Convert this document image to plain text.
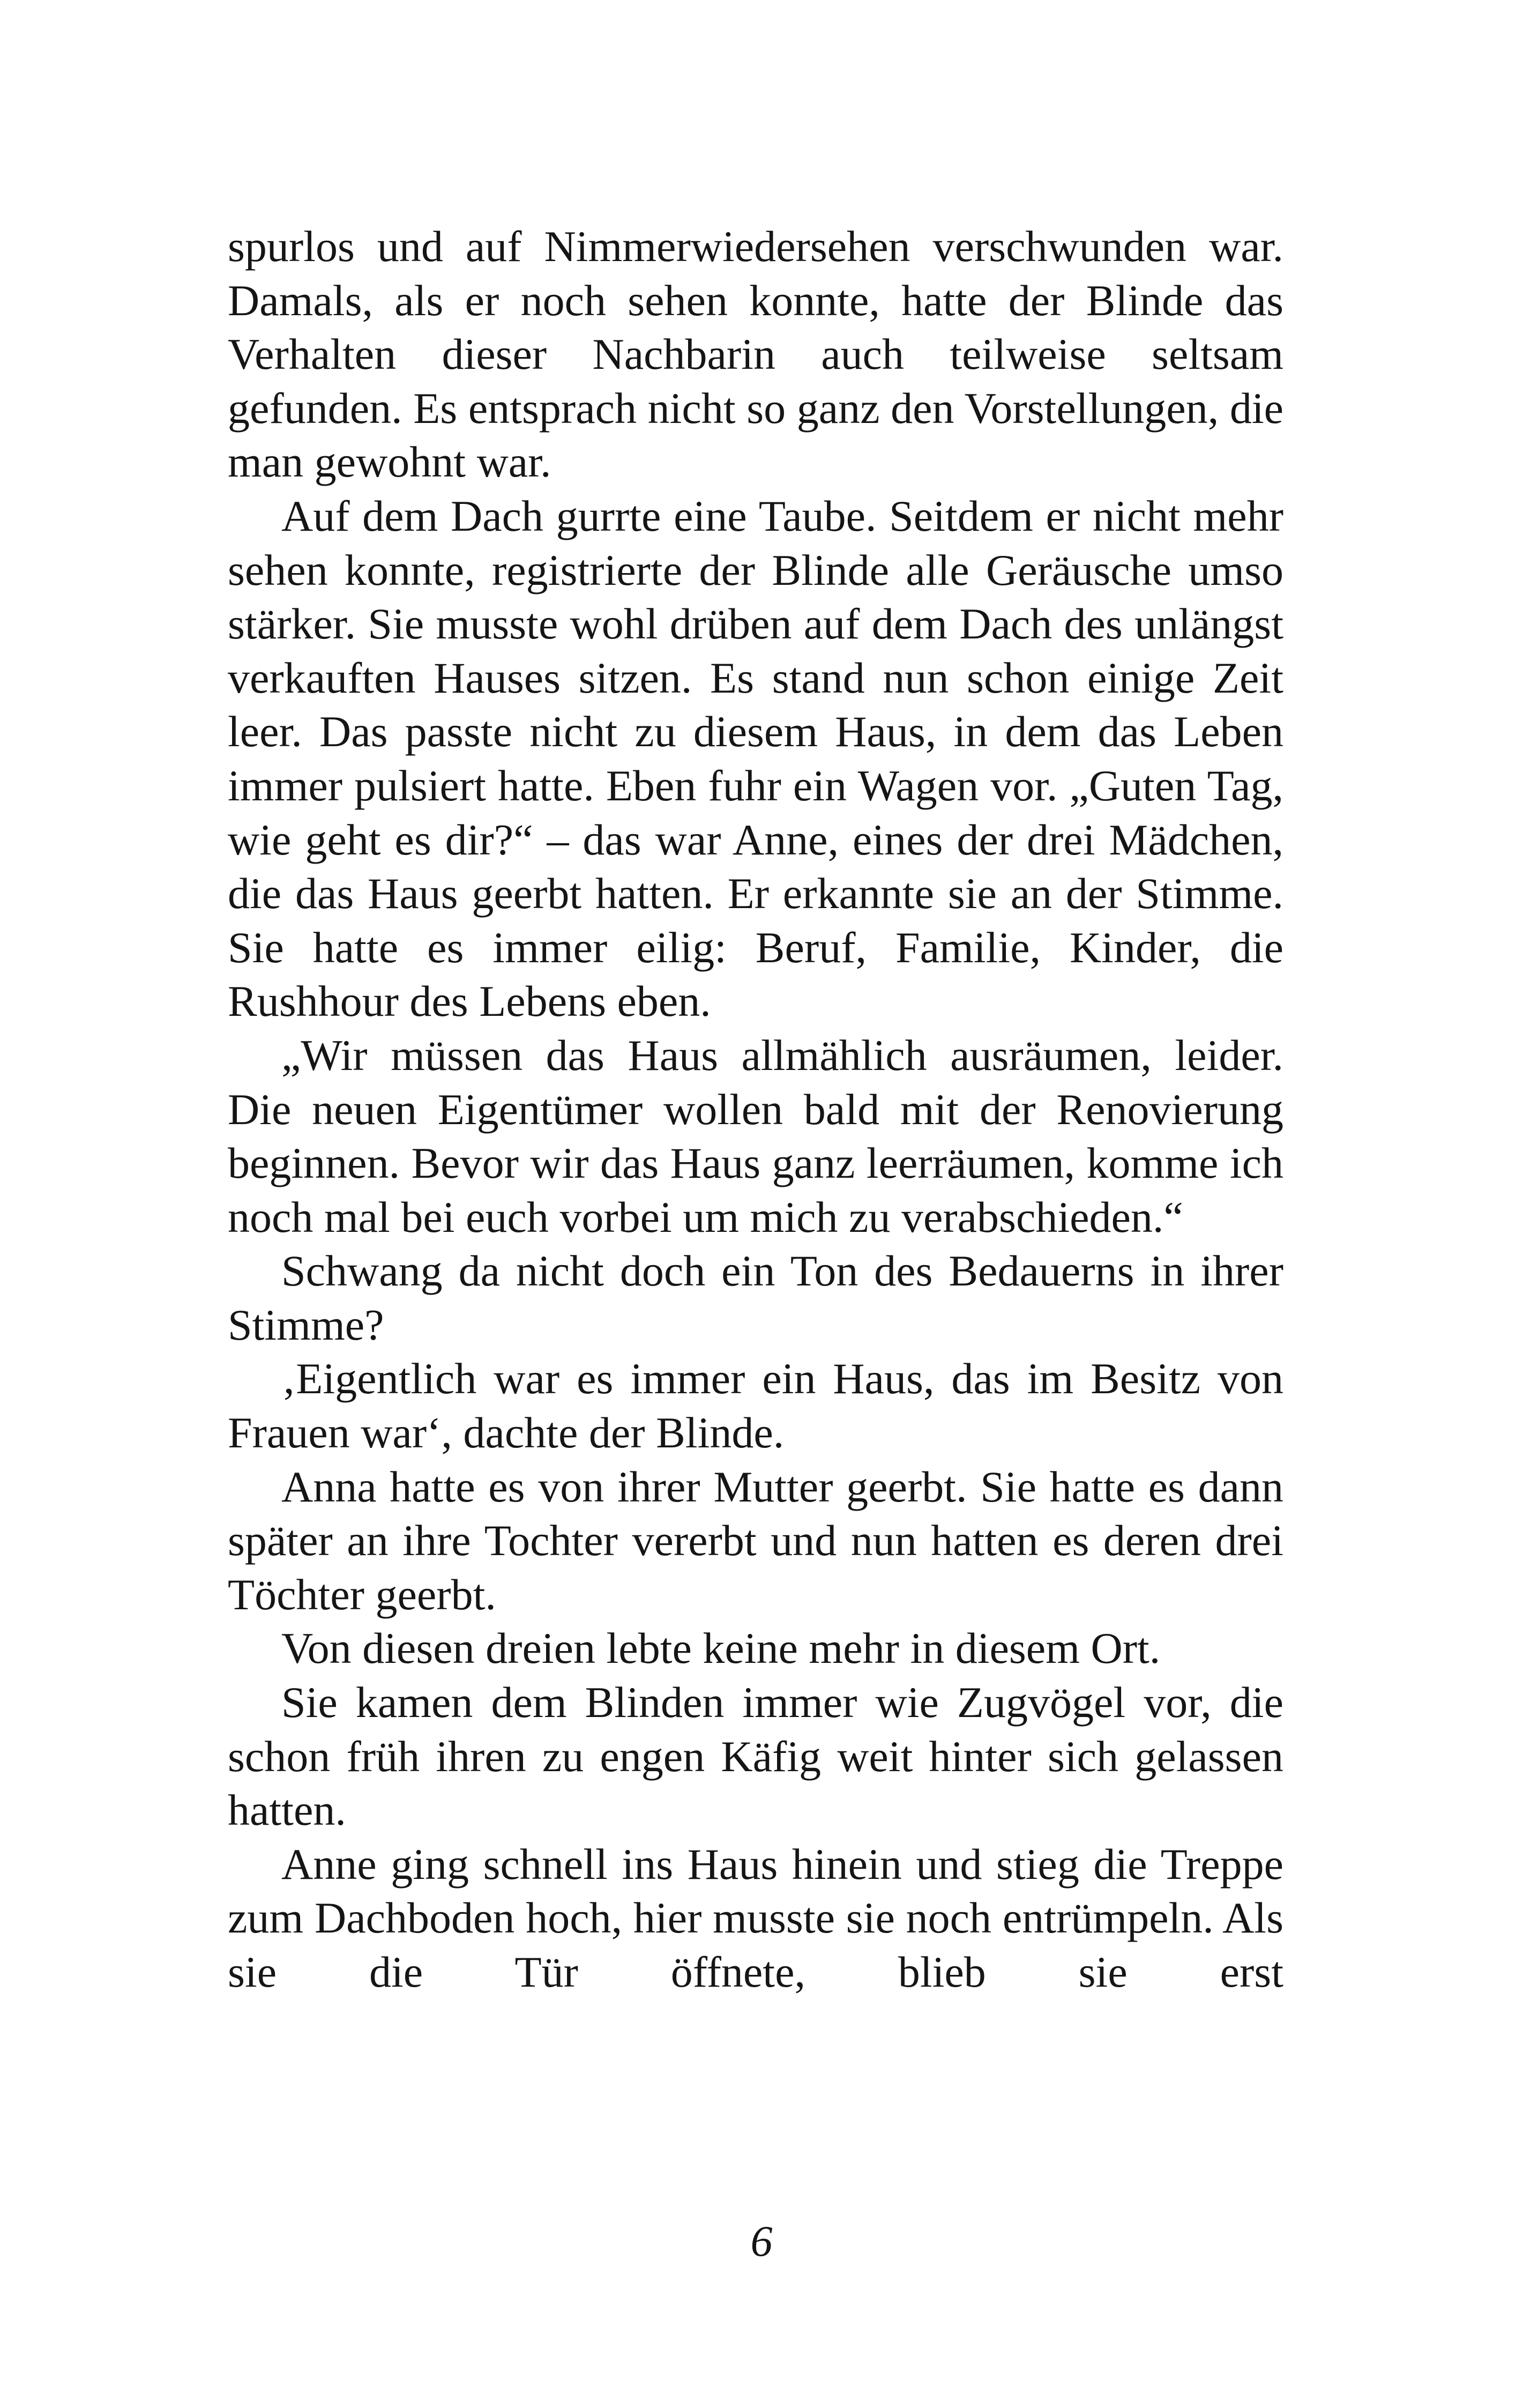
spurlos und auf Nimmerwiedersehen verschwunden war. Damals, als er noch sehen konnte, hatte der Blinde das Verhalten dieser Nachbarin auch teilweise seltsam gefunden. Es entsprach nicht so ganz den Vorstellungen, die man gewohnt war.

Auf dem Dach gurrte eine Taube. Seitdem er nicht mehr sehen konnte, registrierte der Blinde alle Geräusche umso stärker. Sie musste wohl drüben auf dem Dach des unlängst verkauften Hauses sitzen. Es stand nun schon einige Zeit leer. Das passte nicht zu diesem Haus, in dem das Leben immer pulsiert hatte. Eben fuhr ein Wagen vor. „Guten Tag, wie geht es dir?“ – das war Anne, eines der drei Mädchen, die das Haus geerbt hatten. Er erkannte sie an der Stimme. Sie hatte es immer eilig: Beruf, Familie, Kinder, die Rushhour des Lebens eben.

„Wir müssen das Haus allmählich ausräumen, leider. Die neuen Eigentümer wollen bald mit der Renovierung beginnen. Bevor wir das Haus ganz leerräumen, komme ich noch mal bei euch vorbei um mich zu verabschieden.“

Schwang da nicht doch ein Ton des Bedauerns in ihrer Stimme?

‚Eigentlich war es immer ein Haus, das im Besitz von Frauen war‘, dachte der Blinde.

Anna hatte es von ihrer Mutter geerbt. Sie hatte es dann später an ihre Tochter vererbt und nun hatten es deren drei Töchter geerbt.

Von diesen dreien lebte keine mehr in diesem Ort.

Sie kamen dem Blinden immer wie Zugvögel vor, die schon früh ihren zu engen Käfig weit hinter sich gelassen hatten.

Anne ging schnell ins Haus hinein und stieg die Treppe zum Dachboden hoch, hier musste sie noch entrümpeln. Als sie die Tür öffnete, blieb sie erst

6
